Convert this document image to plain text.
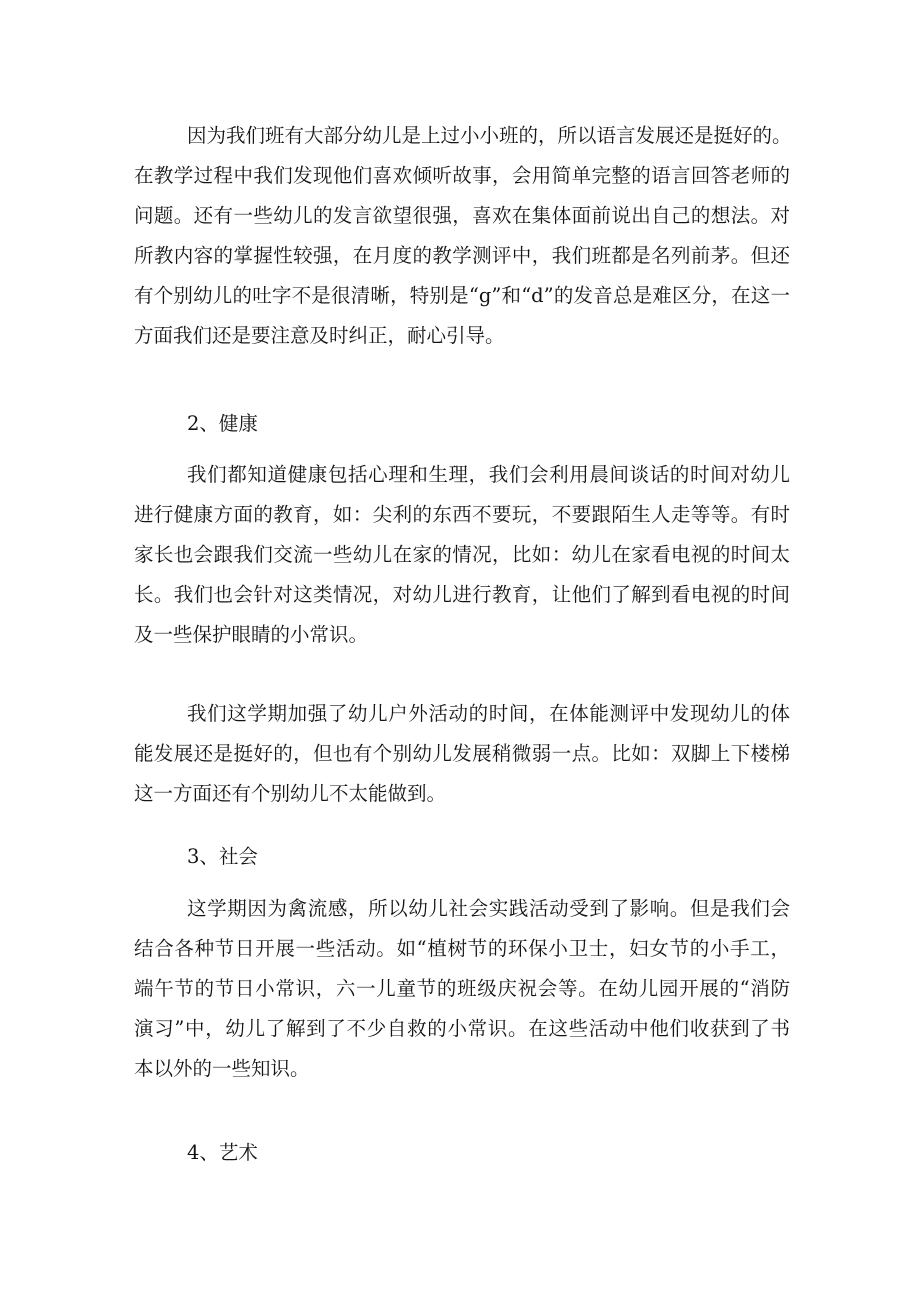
因为我们班有大部分幼儿是上过小小班的，所以语言发展还是挺好的。
在教学过程中我们发现他们喜欢倾听故事，会用简单完整的语言回答老师的
问题。还有一些幼儿的发言欲望很强，喜欢在集体面前说出自己的想法。对
所教内容的掌握性较强，在月度的教学测评中，我们班都是名列前茅。但还
有个别幼儿的吐字不是很清晰，特别是“g”和“d”的发音总是难区分，在这一
方面我们还是要注意及时纠正，耐心引导。
2、健康
我们都知道健康包括心理和生理，我们会利用晨间谈话的时间对幼儿
进行健康方面的教育，如：尖利的东西不要玩，不要跟陌生人走等等。有时
家长也会跟我们交流一些幼儿在家的情况，比如：幼儿在家看电视的时间太
长。我们也会针对这类情况，对幼儿进行教育，让他们了解到看电视的时间
及一些保护眼睛的小常识。
我们这学期加强了幼儿户外活动的时间，在体能测评中发现幼儿的体
能发展还是挺好的，但也有个别幼儿发展稍微弱一点。比如：双脚上下楼梯
这一方面还有个别幼儿不太能做到。
3、社会
这学期因为禽流感，所以幼儿社会实践活动受到了影响。但是我们会
结合各种节日开展一些活动。如“植树节的环保小卫士，妇女节的小手工，
端午节的节日小常识，六一儿童节的班级庆祝会等。在幼儿园开展的“消防
演习”中，幼儿了解到了不少自救的小常识。在这些活动中他们收获到了书
本以外的一些知识。
4、艺术
